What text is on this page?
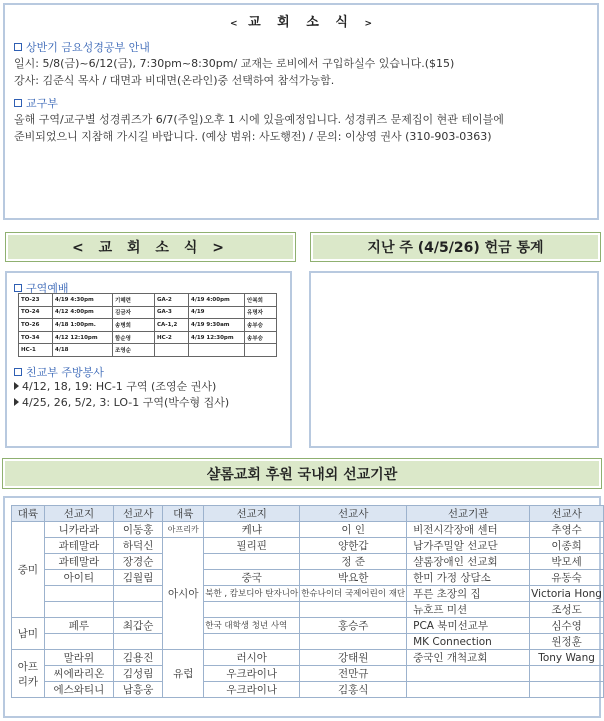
< 교 회 소 식 >
상반기 금요성경공부 안내
일시: 5/8(금)~6/12(금), 7:30pm~8:30pm/ 교재는 로비에서 구입하실수 있습니다.($15)
강사: 김준식 목사 / 대면과 비대면(온라인)중 선택하여 참석가능함.
교구부
올해 구역/교구별 성경퀴즈가 6/7(주일)오후 1 시에 있을예정입니다. 성경퀴즈 문제집이 현관 테이블에
준비되었으니 지참해 가시길 바랍니다. (예상 범위: 사도행전) / 문의: 이상영 권사 (310-903-0363)
< 교 회 소 식 >	지난 주 (4/5/26) 헌금 통계
구역예배
TO-23	4/19 4:30pm	기혜련	GA-2	4/19 4:00pm	안복희
TO-24	4/12 4:00pm	김금자	GA-3	4/19	유명자
TO-26	4/18 1:00pm.	송병희	CA-1,2	4/19 9:30am	송부승
TO-34	4/12 12:10pm	함순영	HC-2	4/19 12:30pm	송부승
HC-1	4/18	조영순			
친교부 주방봉사
4/12, 18, 19: HC-1 구역 (조영순 권사)
4/25, 26, 5/2, 3: LO-1 구역(박수형 집사)
샬롬교회 후원 국내외 선교기관
대륙	선교지	선교사	대륙	선교지	선교사	선교기관	선교사
중미	니카라과	이동홍	아프리카	케냐	이 인	비전시각장애 센터	추영수
	과테말라	하덕신	아시아	필리핀	양한갑	남가주밀알 선교단	이종희
	과테말라	장경순			정 준	샬롬장애인 선교회	박모세
	아이티	김월림		중국	박요한	한미 가정 상담소	유동숙
				북한 , 캄보디아 탄자니아	한슈나이더 국제어린이 재단	푸른 초장의 집	Victoria Hong
						뉴호프 미션	조성도
남미	페루	최갑순		한국 대학생 청년 사역	홍승주	PCA 북미선교부	심수영
						MK Connection	원정훈

아프
리카	말라위	김용진	유럽	러시아	강태원	중국인 개척교회	Tony Wang
	씨에라리온	김성림		우크라이나	전만규		
	에스와티니	남흥웅		우크라이나	김홍식		
